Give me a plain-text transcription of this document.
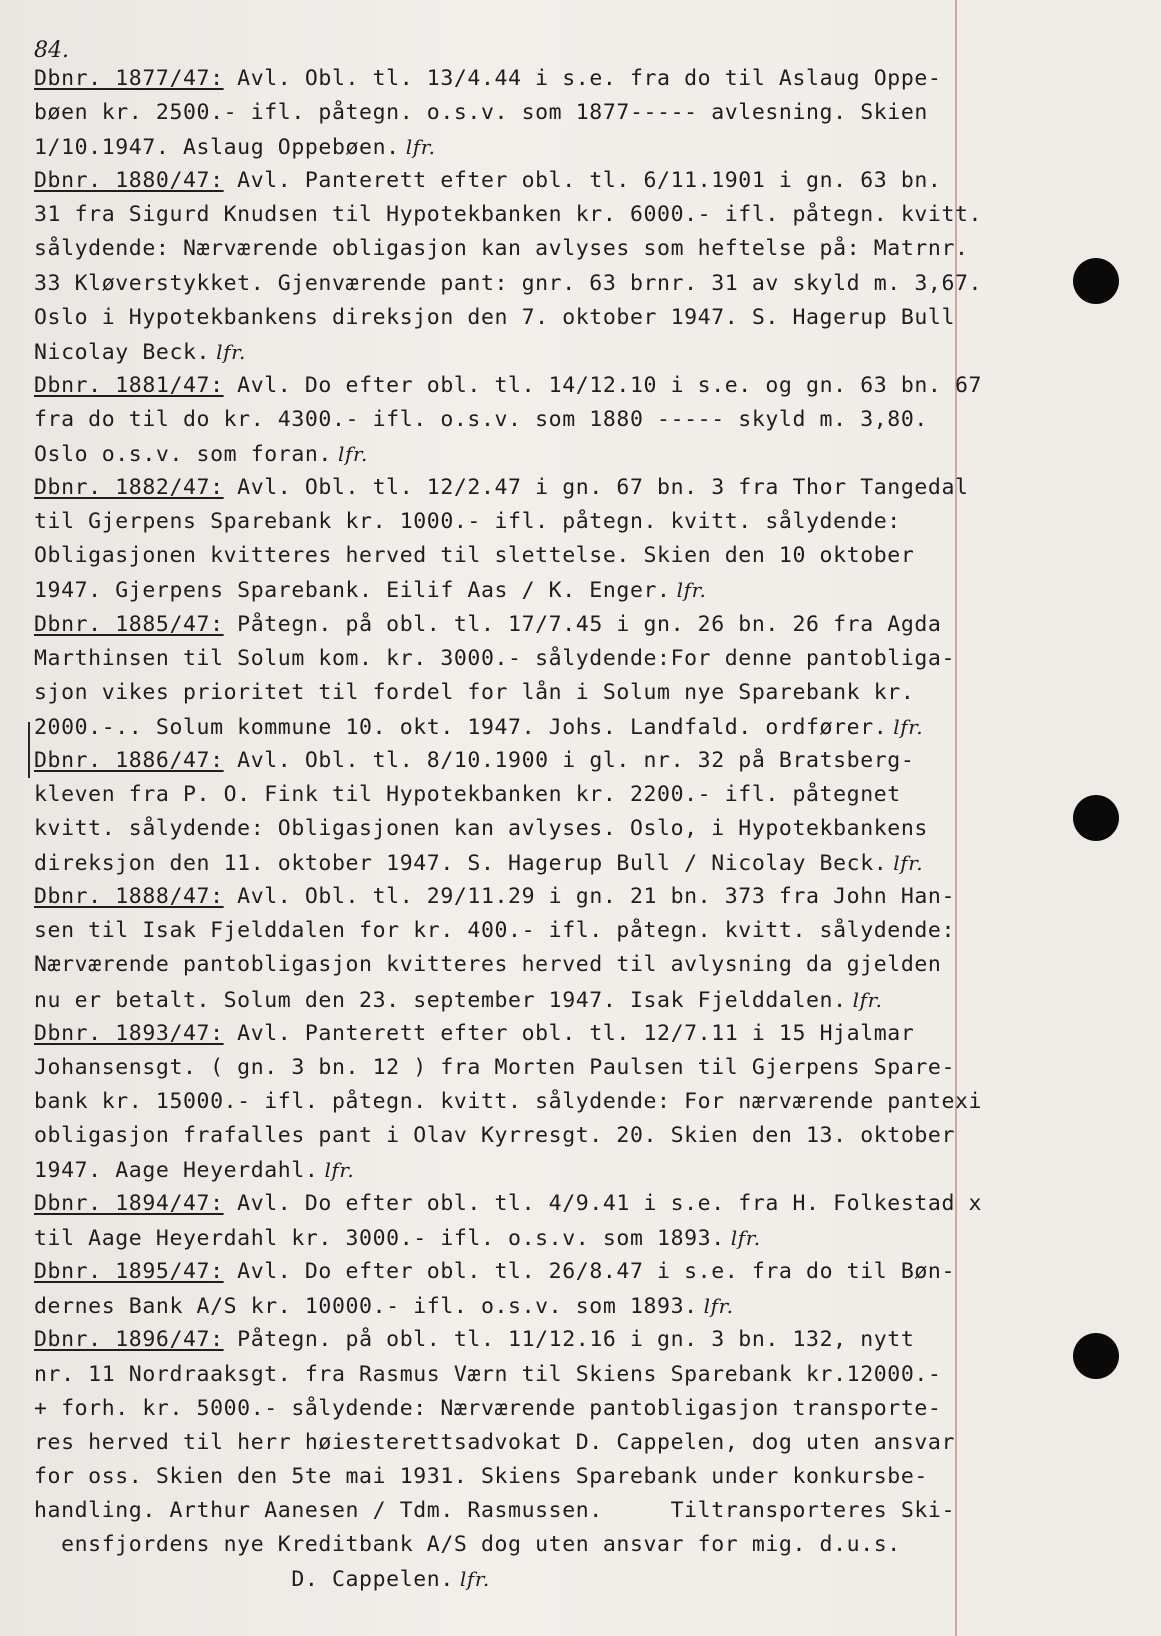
84.
Dbnr. 1877/47: Avl. Obl. tl. 13/4.44 i s.e. fra do til Aslaug Oppe-
bøen kr. 2500.- ifl. påtegn. o.s.v. som 1877----- avlesning. Skien
1/10.1947. Aslaug Oppebøen. lfr.
Dbnr. 1880/47: Avl. Panterett efter obl. tl. 6/11.1901 i gn. 63 bn.
31 fra Sigurd Knudsen til Hypotekbanken kr. 6000.- ifl. påtegn. kvitt.
sålydende: Nærværende obligasjon kan avlyses som heftelse på: Matrnr.
33 Kløverstykket. Gjenværende pant: gnr. 63 brnr. 31 av skyld m. 3,67.
Oslo i Hypotekbankens direksjon den 7. oktober 1947. S. Hagerup Bull
Nicolay Beck. lfr.
Dbnr. 1881/47: Avl. Do efter obl. tl. 14/12.10 i s.e. og gn. 63 bn. 67
fra do til do kr. 4300.- ifl. o.s.v. som 1880 ----- skyld m. 3,80.
Oslo o.s.v. som foran. lfr.
Dbnr. 1882/47: Avl. Obl. tl. 12/2.47 i gn. 67 bn. 3 fra Thor Tangedal
til Gjerpens Sparebank kr. 1000.- ifl. påtegn. kvitt. sålydende:
Obligasjonen kvitteres herved til slettelse. Skien den 10 oktober
1947. Gjerpens Sparebank. Eilif Aas / K. Enger. lfr.
Dbnr. 1885/47: Påtegn. på obl. tl. 17/7.45 i gn. 26 bn. 26 fra Agda
Marthinsen til Solum kom. kr. 3000.- sålydende:For denne pantobliga-
sjon vikes prioritet til fordel for lån i Solum nye Sparebank kr.
2000.-.. Solum kommune 10. okt. 1947. Johs. Landfald. ordfører. lfr.
Dbnr. 1886/47: Avl. Obl. tl. 8/10.1900 i gl. nr. 32 på Bratsberg-
kleven fra P. O. Fink til Hypotekbanken kr. 2200.- ifl. påtegnet
kvitt. sålydende: Obligasjonen kan avlyses. Oslo, i Hypotekbankens
direksjon den 11. oktober 1947. S. Hagerup Bull / Nicolay Beck. lfr.
Dbnr. 1888/47: Avl. Obl. tl. 29/11.29 i gn. 21 bn. 373 fra John Han-
sen til Isak Fjelddalen for kr. 400.- ifl. påtegn. kvitt. sålydende:
Nærværende pantobligasjon kvitteres herved til avlysning da gjelden
nu er betalt. Solum den 23. september 1947. Isak Fjelddalen. lfr.
Dbnr. 1893/47: Avl. Panterett efter obl. tl. 12/7.11 i 15 Hjalmar
Johansensgt. ( gn. 3 bn. 12 ) fra Morten Paulsen til Gjerpens Spare-
bank kr. 15000.- ifl. påtegn. kvitt. sålydende: For nærværende pantexi
obligasjon frafalles pant i Olav Kyrresgt. 20. Skien den 13. oktober
1947. Aage Heyerdahl. lfr.
Dbnr. 1894/47: Avl. Do efter obl. tl. 4/9.41 i s.e. fra H. Folkestad x
til Aage Heyerdahl kr. 3000.- ifl. o.s.v. som 1893. lfr.
Dbnr. 1895/47: Avl. Do efter obl. tl. 26/8.47 i s.e. fra do til Bøn-
dernes Bank A/S kr. 10000.- ifl. o.s.v. som 1893. lfr.
Dbnr. 1896/47: Påtegn. på obl. tl. 11/12.16 i gn. 3 bn. 132, nytt
nr. 11 Nordraaksgt. fra Rasmus Værn til Skiens Sparebank kr.12000.-
+ forh. kr. 5000.- sålydende: Nærværende pantobligasjon transporte-
res herved til herr høiesterettsadvokat D. Cappelen, dog uten ansvar
for oss. Skien den 5te mai 1931. Skiens Sparebank under konkursbe-
handling. Arthur Aanesen / Tdm. Rasmussen.     Tiltransporteres Ski-
ensfjordens nye Kreditbank A/S dog uten ansvar for mig. d.u.s.
D. Cappelen. lfr.
